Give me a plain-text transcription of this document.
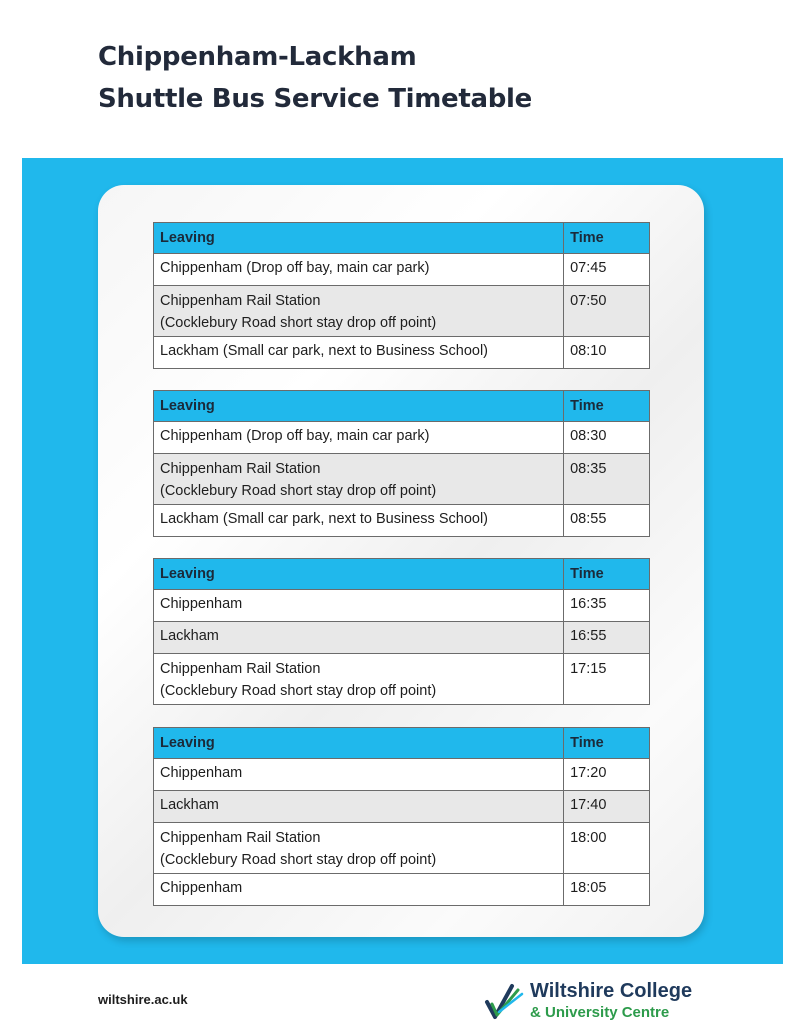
Chippenham-Lackham
Shuttle Bus Service Timetable
Leaving	Time
Chippenham (Drop off bay, main car park)	07:45

Chippenham Rail Station
(Cocklebury Road short stay drop off point)	07:50
Lackham (Small car park, next to Business School)	08:10
Leaving	Time
Chippenham (Drop off bay, main car park)	08:30

Chippenham Rail Station
(Cocklebury Road short stay drop off point)	08:35
Lackham (Small car park, next to Business School)	08:55
Leaving	Time
Chippenham	16:35
Lackham	16:55

Chippenham Rail Station
(Cocklebury Road short stay drop off point)	17:15
Leaving	Time
Chippenham	17:20
Lackham	17:40

Chippenham Rail Station
(Cocklebury Road short stay drop off point)	18:00
Chippenham	18:05
wiltshire.ac.uk	Wiltshire College
& University Centre
